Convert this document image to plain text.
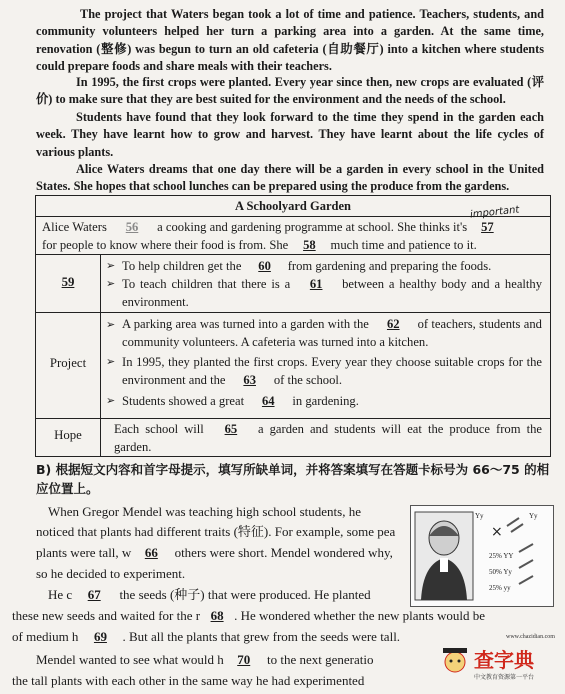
The project that Waters began took a lot of time and patience. Teachers, students, and community volunteers helped her turn a parking area into a garden. At the same time, renovation (整修) was begun to turn an old cafeteria (自助餐厅) into a kitchen where students could prepare foods and share meals with their teachers.

In 1995, the first crops were planted. Every year since then, new crops are evaluated (评价) to make sure that they are best suited for the environment and the needs of the school.

Students have found that they look forward to the time they spend in the garden each week. They have learnt how to grow and harvest. They have learnt about the life cycles of various plants.

Alice Waters dreams that one day there will be a garden in every school in the United States. She hopes that school lunches can be prepared using the produce from the gardens.

A Schoolyard Garden
Alice Waters 56 a cooking and gardening programme at school. She thinks it's 57
for people to know where their food is from. She 58 much time and patience to it.
important
59
➢ To help children get the 60 from gardening and preparing the foods.
➢ To teach children that there is a 61 between a healthy body and a healthy environment.
Project
➢ A parking area was turned into a garden with the 62 of teachers, students and community volunteers. A cafeteria was turned into a kitchen.
➢ In 1995, they planted the first crops. Every year they choose suitable crops for the environment and the 63 of the school.
➢ Students showed a great 64 in gardening.
Hope	Each school will 65 a garden and students will eat the produce from the garden.
B) 根据短文内容和首字母提示，填写所缺单词，并将答案填写在答题卡标号为 66～75 的相应位置上。
When Gregor Mendel was teaching high school students, he
noticed that plants had different traits (特征). For example, some pea
plants were tall, w 66 others were short. Mendel wondered why,
so he decided to experiment.
He c 67 the seeds (种子) that were produced. He planted
these new seeds and waited for the r 68 . He wondered whether the new plants would be
of medium h 69 . But all the plants that grew from the seeds were tall.
Mendel wanted to see what would h 70 to the next generatio
the tall plants with each other in the same way he had experimented
×
Yy	Yy
25% YY
50% Yy
25% yy
查字典
www.chazidian.com
中文教育资源第一平台
